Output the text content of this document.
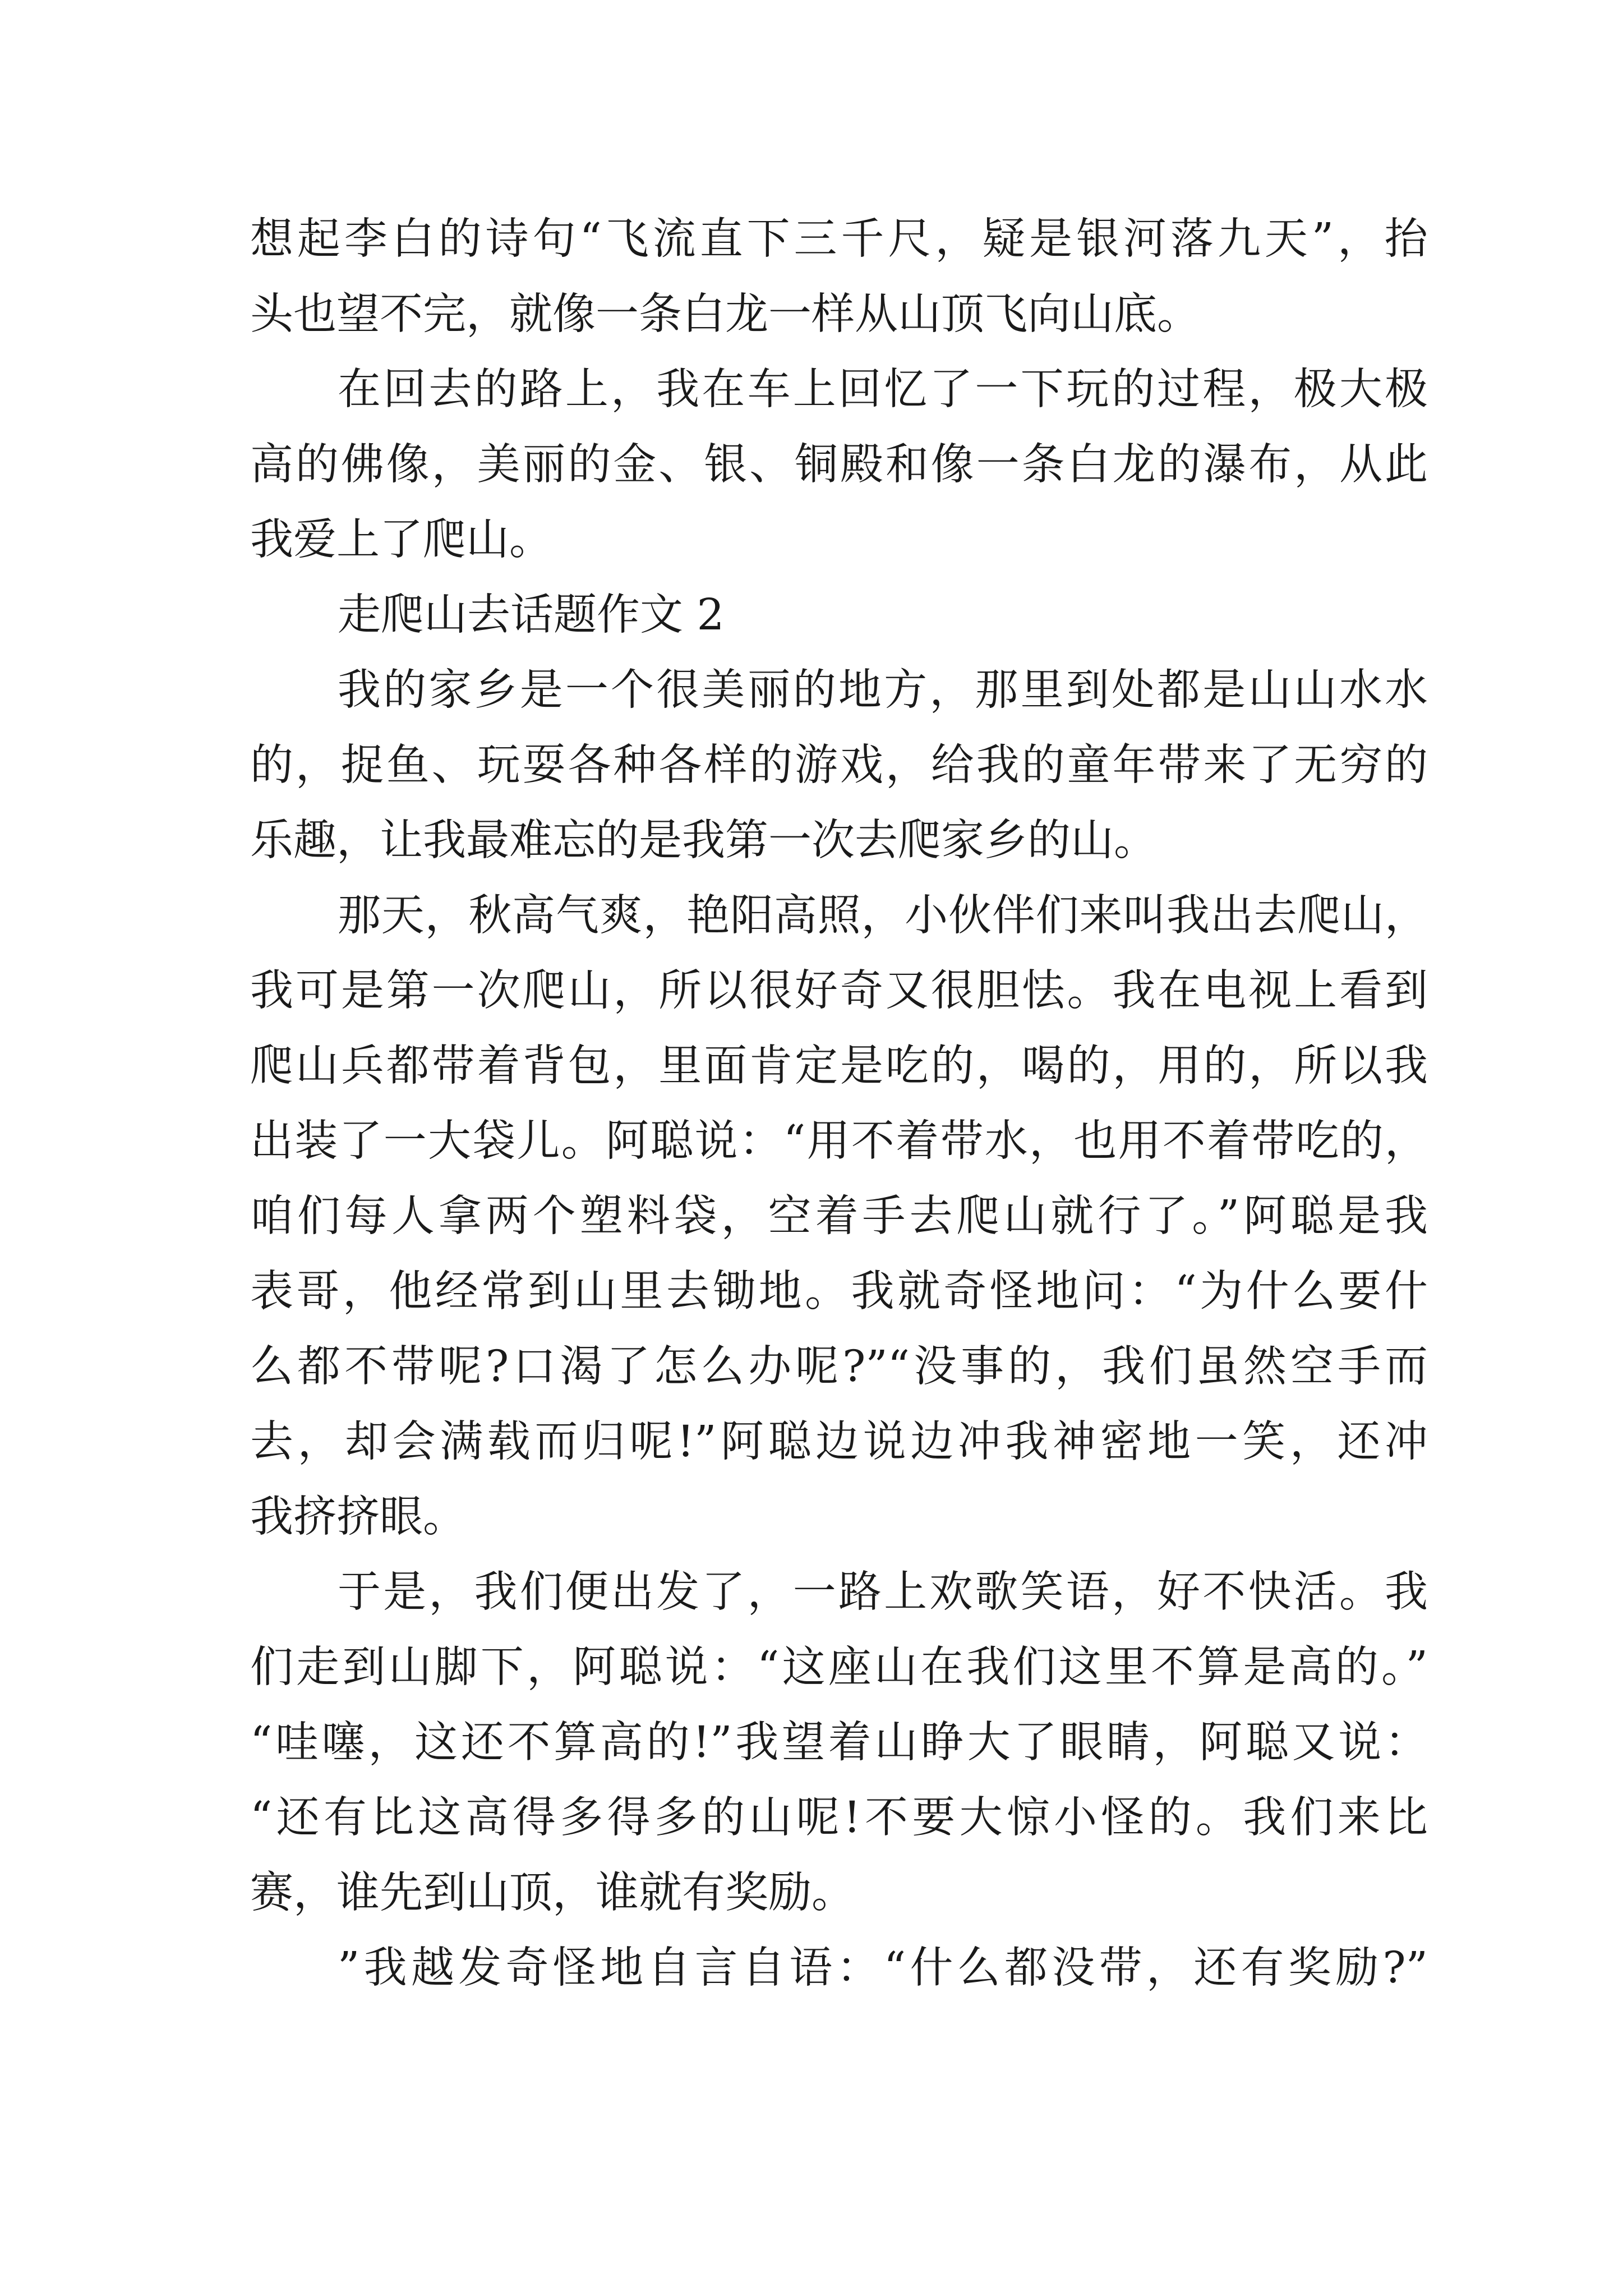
想起李白的诗句“飞流直下三千尺，疑是银河落九天”，抬
头也望不完，就像一条白龙一样从山顶飞向山底。
在回去的路上，我在车上回忆了一下玩的过程，极大极
高的佛像，美丽的金、银、铜殿和像一条白龙的瀑布，从此
我爱上了爬山。
走爬山去话题作文 2
我的家乡是一个很美丽的地方，那里到处都是山山水水
的，捉鱼、玩耍各种各样的游戏，给我的童年带来了无穷的
乐趣，让我最难忘的是我第一次去爬家乡的山。
那天，秋高气爽，艳阳高照，小伙伴们来叫我出去爬山，
我可是第一次爬山，所以很好奇又很胆怯。我在电视上看到
爬山兵都带着背包，里面肯定是吃的，喝的，用的，所以我
出装了一大袋儿。阿聪说：“用不着带水，也用不着带吃的，
咱们每人拿两个塑料袋，空着手去爬山就行了。”阿聪是我
表哥，他经常到山里去锄地。我就奇怪地问：“为什么要什
么都不带呢?口渴了怎么办呢?”“没事的，我们虽然空手而
去，却会满载而归呢!”阿聪边说边冲我神密地一笑，还冲
我挤挤眼。
于是，我们便出发了，一路上欢歌笑语，好不快活。我
们走到山脚下，阿聪说：“这座山在我们这里不算是高的。”
“哇噻，这还不算高的!”我望着山睁大了眼睛，阿聪又说：
“还有比这高得多得多的山呢!不要大惊小怪的。我们来比
赛，谁先到山顶，谁就有奖励。
”我越发奇怪地自言自语：“什么都没带，还有奖励?”
